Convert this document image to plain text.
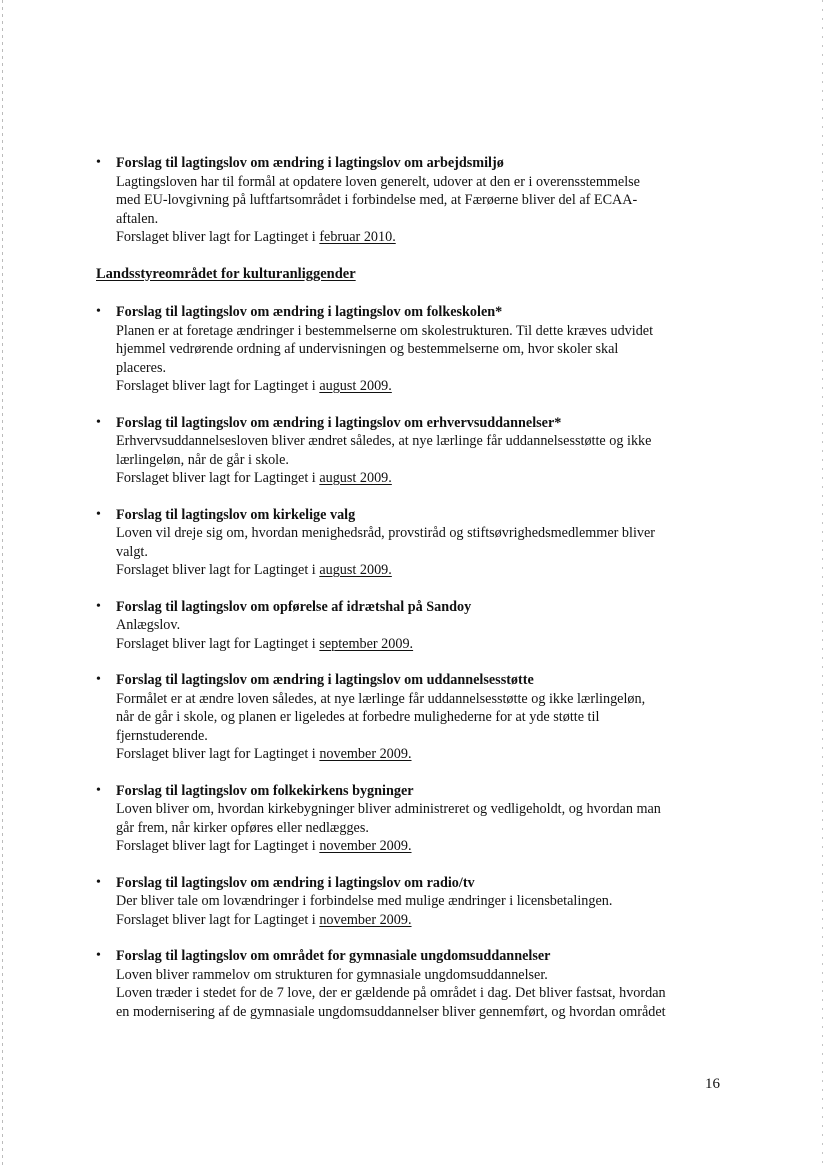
• Forslag til lagtingslov om ændring i lagtingslov om arbejdsmiljø
Lagtingsloven har til formål at opdatere loven generelt, udover at den er i overensstemmelse
med EU-lovgivning på luftfartsområdet i forbindelse med, at Færøerne bliver del af ECAA-
aftalen.
Forslaget bliver lagt for Lagtinget i februar 2010.
Landsstyreområdet for kulturanliggender
• Forslag til lagtingslov om ændring i lagtingslov om folkeskolen*
Planen er at foretage ændringer i bestemmelserne om skolestrukturen. Til dette kræves udvidet
hjemmel vedrørende ordning af undervisningen og bestemmelserne om, hvor skoler skal
placeres.
Forslaget bliver lagt for Lagtinget i august 2009.
• Forslag til lagtingslov om ændring i lagtingslov om erhvervsuddannelser*
Erhvervsuddannelsesloven bliver ændret således, at nye lærlinge får uddannelsesstøtte og ikke
lærlingeløn, når de går i skole.
Forslaget bliver lagt for Lagtinget i august 2009.
• Forslag til lagtingslov om kirkelige valg
Loven vil dreje sig om, hvordan menighedsråd, provstiråd og stiftsøvrighedsmedlemmer bliver
valgt.
Forslaget bliver lagt for Lagtinget i august 2009.
• Forslag til lagtingslov om opførelse af idrætshal på Sandoy
Anlægslov.
Forslaget bliver lagt for Lagtinget i september 2009.
• Forslag til lagtingslov om ændring i lagtingslov om uddannelsesstøtte
Formålet er at ændre loven således, at nye lærlinge får uddannelsesstøtte og ikke lærlingeløn,
når de går i skole, og planen er ligeledes at forbedre mulighederne for at yde støtte til
fjernstuderende.
Forslaget bliver lagt for Lagtinget i november 2009.
• Forslag til lagtingslov om folkekirkens bygninger
Loven bliver om, hvordan kirkebygninger bliver administreret og vedligeholdt, og hvordan man
går frem, når kirker opføres eller nedlægges.
Forslaget bliver lagt for Lagtinget i november 2009.
• Forslag til lagtingslov om ændring i lagtingslov om radio/tv
Der bliver tale om lovændringer i forbindelse med mulige ændringer i licensbetalingen.
Forslaget bliver lagt for Lagtinget i november 2009.
• Forslag til lagtingslov om området for gymnasiale ungdomsuddannelser
Loven bliver rammelov om strukturen for gymnasiale ungdomsuddannelser.
Loven træder i stedet for de 7 love, der er gældende på området i dag. Det bliver fastsat, hvordan
en modernisering af de gymnasiale ungdomsuddannelser bliver gennemført, og hvordan området
16
